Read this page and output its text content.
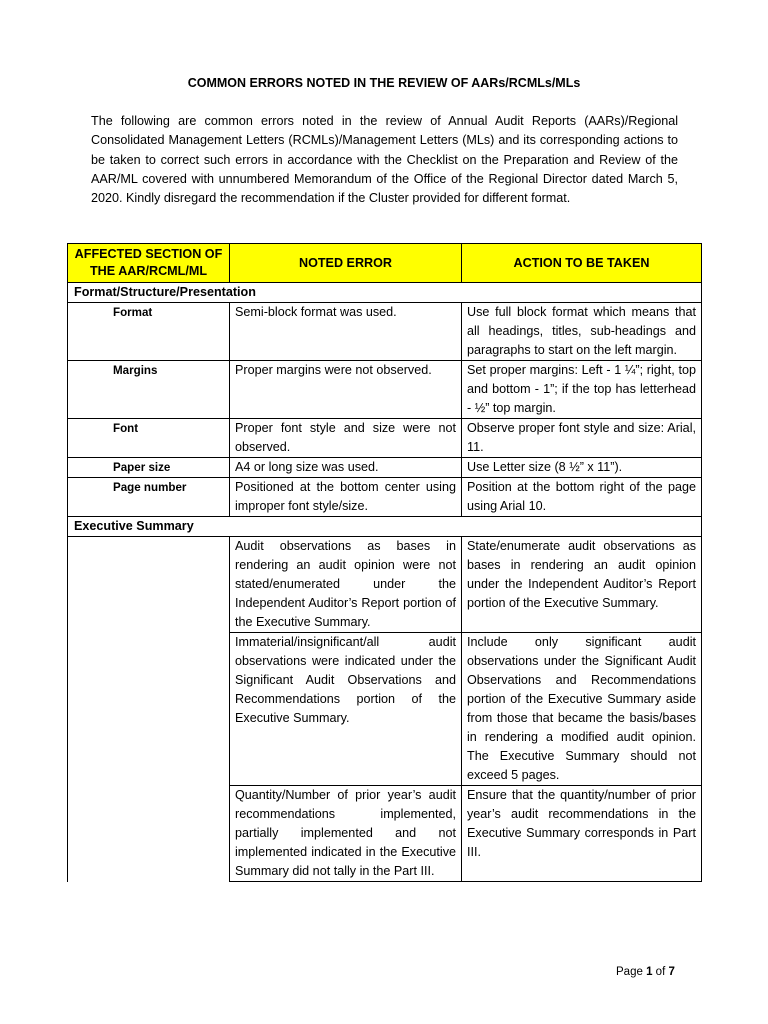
COMMON ERRORS NOTED IN THE REVIEW OF AARs/RCMLs/MLs
The following are common errors noted in the review of Annual Audit Reports (AARs)/Regional Consolidated Management Letters (RCMLs)/Management Letters (MLs) and its corresponding actions to be taken to correct such errors in accordance with the Checklist on the Preparation and Review of the AAR/ML covered with unnumbered Memorandum of the Office of the Regional Director dated March 5, 2020. Kindly disregard the recommendation if the Cluster provided for different format.
AFFECTED SECTION OF THE AAR/RCML/ML	NOTED ERROR	ACTION TO BE TAKEN
Format/Structure/Presentation		
Format	Semi-block format was used.	Use full block format which means that all headings, titles, sub-headings and paragraphs to start on the left margin.
Margins	Proper margins were not observed.	Set proper margins: Left - 1 ¼”; right, top and bottom - 1”; if the top has letterhead - ½” top margin.
Font	Proper font style and size were not observed.	Observe proper font style and size: Arial, 11.
Paper size	A4 or long size was used.	Use Letter size (8 ½” x 11”).
Page number	Positioned at the bottom center using improper font style/size.	Position at the bottom right of the page using Arial 10.
Executive Summary		
	Audit observations as bases in rendering an audit opinion were not stated/enumerated under the Independent Auditor’s Report portion of the Executive Summary.	State/enumerate audit observations as bases in rendering an audit opinion under the Independent Auditor’s Report portion of the Executive Summary.
	Immaterial/insignificant/all audit observations were indicated under the Significant Audit Observations and Recommendations portion of the Executive Summary.	Include only significant audit observations under the Significant Audit Observations and Recommendations portion of the Executive Summary aside from those that became the basis/bases in rendering a modified audit opinion. The Executive Summary should not exceed 5 pages.
	Quantity/Number of prior year’s audit recommendations implemented, partially implemented and not implemented indicated in the Executive Summary did not tally in the Part III.	Ensure that the quantity/number of prior year’s audit recommendations in the Executive Summary corresponds in Part III.
Page 1 of 7
